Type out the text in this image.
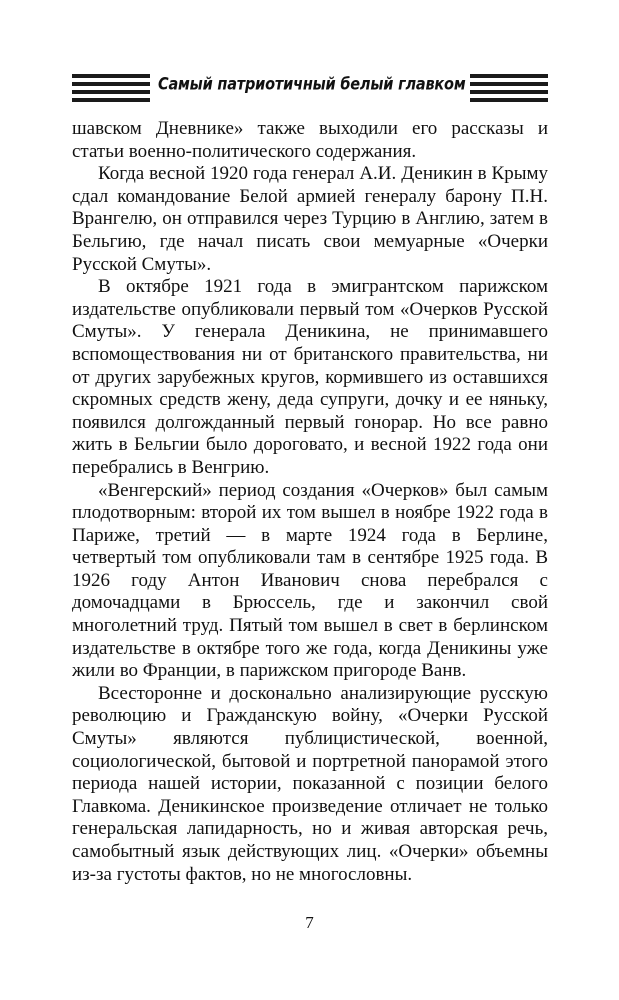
Самый патриотичный белый главком

шавском Дневнике» также выходили его рассказы и статьи военно-политического содержания.

Когда весной 1920 года генерал А.И. Деникин в Крыму сдал командование Белой армией генералу барону П.Н. Врангелю, он отправился через Турцию в Англию, затем в Бельгию, где начал писать свои мемуарные «Очерки Русской Смуты».

В октябре 1921 года в эмигрантском парижском издательстве опубликовали первый том «Очерков Русской Смуты». У генерала Деникина, не принимавшего вспомоществования ни от британского правительства, ни от других зарубежных кругов, кормившего из оставшихся скромных средств жену, деда супруги, дочку и ее няньку, появился долгожданный первый гонорар. Но все равно жить в Бельгии было дороговато, и весной 1922 года они перебрались в Венгрию.

«Венгерский» период создания «Очерков» был самым плодотворным: второй их том вышел в ноябре 1922 года в Париже, третий — в марте 1924 года в Берлине, четвертый том опубликовали там в сентябре 1925 года. В 1926 году Антон Иванович снова перебрался с домочадцами в Брюссель, где и закончил свой многолетний труд. Пятый том вышел в свет в берлинском издательстве в октябре того же года, когда Деникины уже жили во Франции, в парижском пригороде Ванв.

Всесторонне и досконально анализирующие русскую революцию и Гражданскую войну, «Очерки Русской Смуты» являются публицистической, военной, социологической, бытовой и портретной панорамой этого периода нашей истории, показанной с позиции белого Главкома. Деникинское произведение отличает не только генеральская лапидарность, но и живая авторская речь, самобытный язык действующих лиц. «Очерки» объемны из-за густоты фактов, но не многословны.

7
